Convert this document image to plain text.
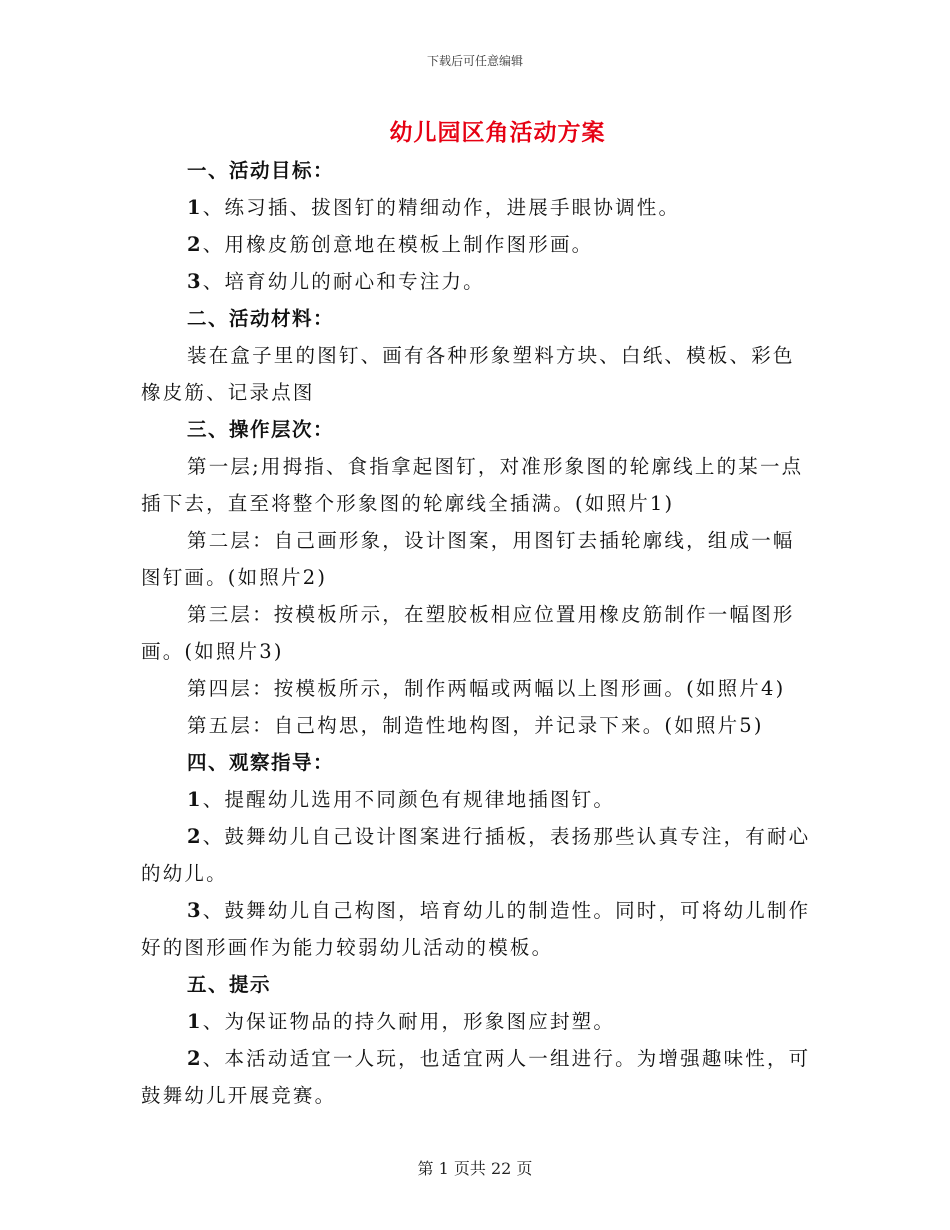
下载后可任意编辑
幼儿园区角活动方案
一、活动目标：
1、练习插、拔图钉的精细动作，进展手眼协调性。
2、用橡皮筋创意地在模板上制作图形画。
3、培育幼儿的耐心和专注力。
二、活动材料：
装在盒子里的图钉、画有各种形象塑料方块、白纸、模板、彩色
橡皮筋、记录点图
三、操作层次：
第一层;用拇指、食指拿起图钉，对准形象图的轮廓线上的某一点
插下去，直至将整个形象图的轮廓线全插满。(如照片1)
第二层：自己画形象，设计图案，用图钉去插轮廓线，组成一幅
图钉画。(如照片2)
第三层：按模板所示，在塑胶板相应位置用橡皮筋制作一幅图形
画。(如照片3)
第四层：按模板所示，制作两幅或两幅以上图形画。(如照片4)
第五层：自己构思，制造性地构图，并记录下来。(如照片5)
四、观察指导：
1、提醒幼儿选用不同颜色有规律地插图钉。
2、鼓舞幼儿自己设计图案进行插板，表扬那些认真专注，有耐心
的幼儿。
3、鼓舞幼儿自己构图，培育幼儿的制造性。同时，可将幼儿制作
好的图形画作为能力较弱幼儿活动的模板。
五、提示
1、为保证物品的持久耐用，形象图应封塑。
2、本活动适宜一人玩，也适宜两人一组进行。为增强趣味性，可
鼓舞幼儿开展竞赛。
第 1 页共 22 页
